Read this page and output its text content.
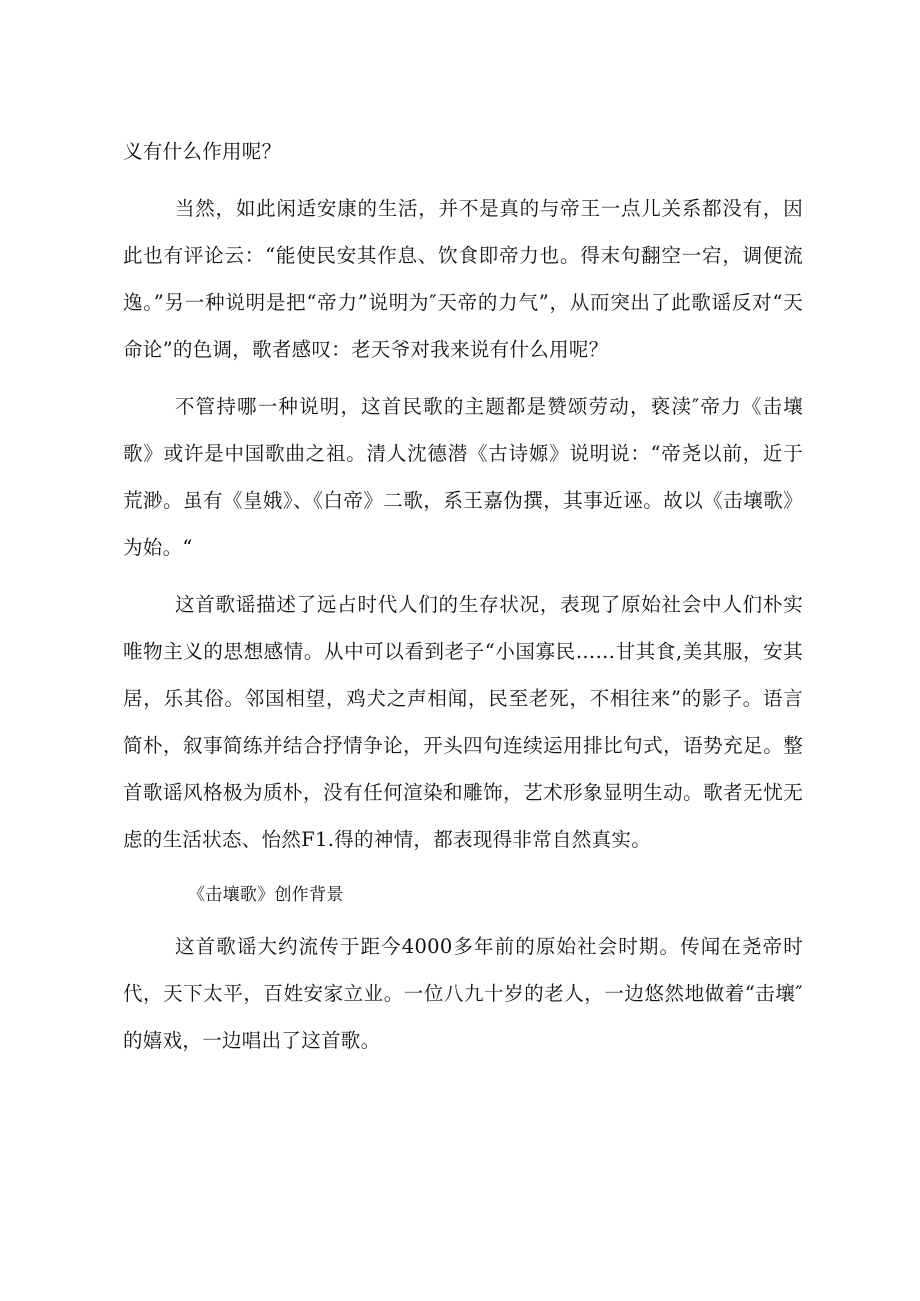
义有什么作用呢？

当然，如此闲适安康的生活，并不是真的与帝王一点儿关系都没有，因此也有评论云：“能使民安其作息、饮食即帝力也。得末句翻空一宕，调便流逸。”另一种说明是把“帝力”说明为″天帝的力气”，从而突出了此歌谣反对“天命论”的色调，歌者感叹：老天爷对我来说有什么用呢？

不管持哪一种说明，这首民歌的主题都是赞颂劳动，亵渎″帝力《击壤歌》或许是中国歌曲之祖。清人沈德潜《古诗嫄》说明说：“帝尧以前，近于荒渺。虽有《皇娥》、《白帝》二歌，系王嘉伪撰，其事近诬。故以《击壤歌》为始。“

这首歌谣描述了远占时代人们的生存状况，表现了原始社会中人们朴实唯物主义的思想感情。从中可以看到老子“小国寡民……甘其食,美其服，安其居，乐其俗。邻国相望，鸡犬之声相闻，民至老死，不相往来”的影子。语言简朴，叙事简练并结合抒情争论，开头四句连续运用排比句式，语势充足。整首歌谣风格极为质朴，没有任何渲染和雕饰，艺术形象显明生动。歌者无忧无虑的生活状态、怡然F1.得的神情，都表现得非常自然真实。

《击壤歌》创作背景

这首歌谣大约流传于距今4000多年前的原始社会时期。传闻在尧帝时代，天下太平，百姓安家立业。一位八九十岁的老人，一边悠然地做着“击壤″的嬉戏，一边唱出了这首歌。
